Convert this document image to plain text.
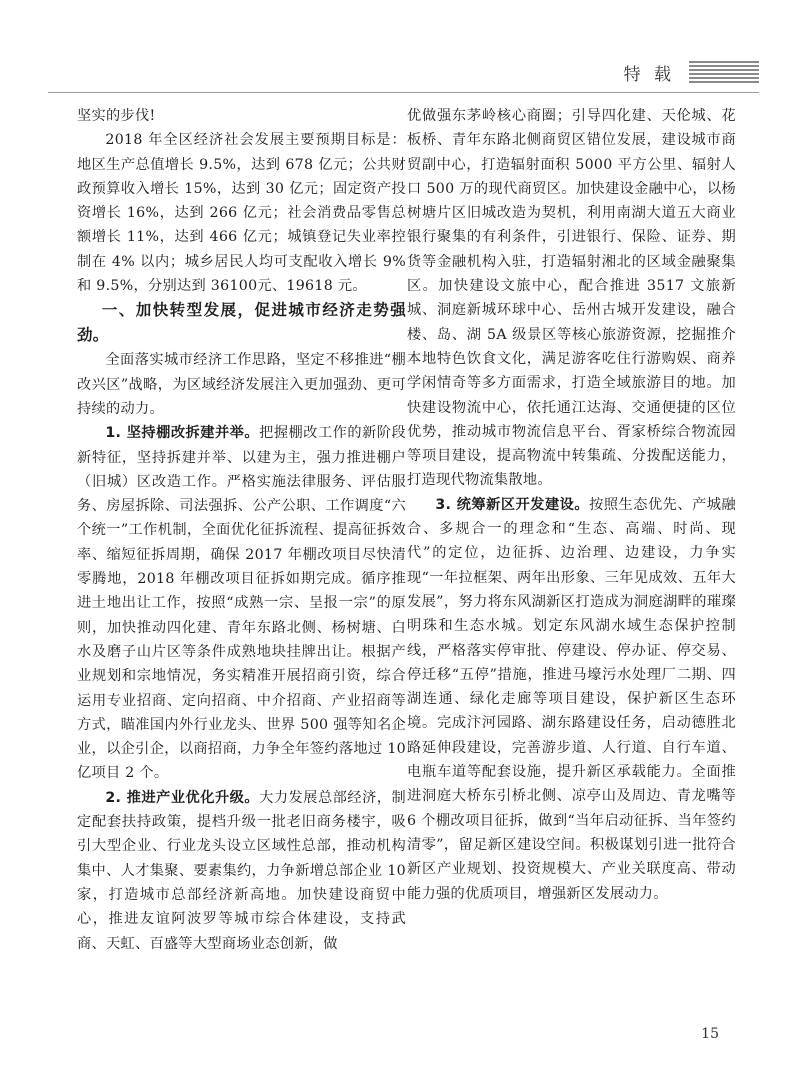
特 载

坚实的步伐!

2018 年全区经济社会发展主要预期目标是：地区生产总值增长 9.5%，达到 678 亿元；公共财政预算收入增长 15%，达到 30 亿元；固定资产投资增长 16%，达到 266 亿元；社会消费品零售总额增长 11%，达到 466 亿元；城镇登记失业率控制在 4% 以内；城乡居民人均可支配收入增长 9% 和 9.5%，分别达到 36100元、19618 元。

一、加快转型发展，促进城市经济走势强劲。

全面落实城市经济工作思路，坚定不移推进“棚改兴区”战略，为区域经济发展注入更加强劲、更可持续的动力。

1. 坚持棚改拆建并举。把握棚改工作的新阶段新特征，坚持拆建并举、以建为主，强力推进棚户（旧城）区改造工作。严格实施法律服务、评估服务、房屋拆除、司法强拆、公产公职、工作调度“六个统一”工作机制，全面优化征拆流程、提高征拆效率、缩短征拆周期，确保 2017 年棚改项目尽快清零腾地，2018 年棚改项目征拆如期完成。循序推进土地出让工作，按照“成熟一宗、呈报一宗”的原则，加快推动四化建、青年东路北侧、杨树塘、白水及磨子山片区等条件成熟地块挂牌出让。根据产业规划和宗地情况，务实精准开展招商引资，综合运用专业招商、定向招商、中介招商、产业招商等方式，瞄准国内外行业龙头、世界 500 强等知名企业，以企引企，以商招商，力争全年签约落地过 10 亿项目 2 个。

2. 推进产业优化升级。大力发展总部经济，制定配套扶持政策，提档升级一批老旧商务楼宇，吸引大型企业、行业龙头设立区域性总部，推动机构集中、人才集聚、要素集约，力争新增总部企业 10 家，打造城市总部经济新高地。加快建设商贸中心，推进友谊阿波罗等城市综合体建设，支持武商、天虹、百盛等大型商场业态创新，做

优做强东茅岭核心商圈；引导四化建、天伦城、花板桥、青年东路北侧商贸区错位发展，建设城市商贸副中心，打造辐射面积 5000 平方公里、辐射人口 500 万的现代商贸区。加快建设金融中心，以杨树塘片区旧城改造为契机，利用南湖大道五大商业银行聚集的有利条件，引进银行、保险、证券、期货等金融机构入驻，打造辐射湘北的区域金融聚集区。加快建设文旅中心，配合推进 3517 文旅新城、洞庭新城环球中心、岳州古城开发建设，融合楼、岛、湖 5A 级景区等核心旅游资源，挖掘推介本地特色饮食文化，满足游客吃住行游购娱、商养学闲情奇等多方面需求，打造全域旅游目的地。加快建设物流中心，依托通江达海、交通便捷的区位优势，推动城市物流信息平台、胥家桥综合物流园等项目建设，提高物流中转集疏、分拨配送能力，打造现代物流集散地。

3. 统筹新区开发建设。按照生态优先、产城融合、多规合一的理念和“生态、高端、时尚、现代”的定位，边征拆、边治理、边建设，力争实现“一年拉框架、两年出形象、三年见成效、五年大发展”，努力将东风湖新区打造成为洞庭湖畔的璀璨明珠和生态水城。划定东风湖水域生态保护控制线，严格落实停审批、停建设、停办证、停交易、停迁移“五停”措施，推进马壕污水处理厂二期、四湖连通、绿化走廊等项目建设，保护新区生态环境。完成汴河园路、湖东路建设任务，启动德胜北路延伸段建设，完善游步道、人行道、自行车道、电瓶车道等配套设施，提升新区承载能力。全面推进洞庭大桥东引桥北侧、凉亭山及周边、青龙嘴等 6 个棚改项目征拆，做到“当年启动征拆、当年签约清零”，留足新区建设空间。积极谋划引进一批符合新区产业规划、投资规模大、产业关联度高、带动能力强的优质项目，增强新区发展动力。

15
